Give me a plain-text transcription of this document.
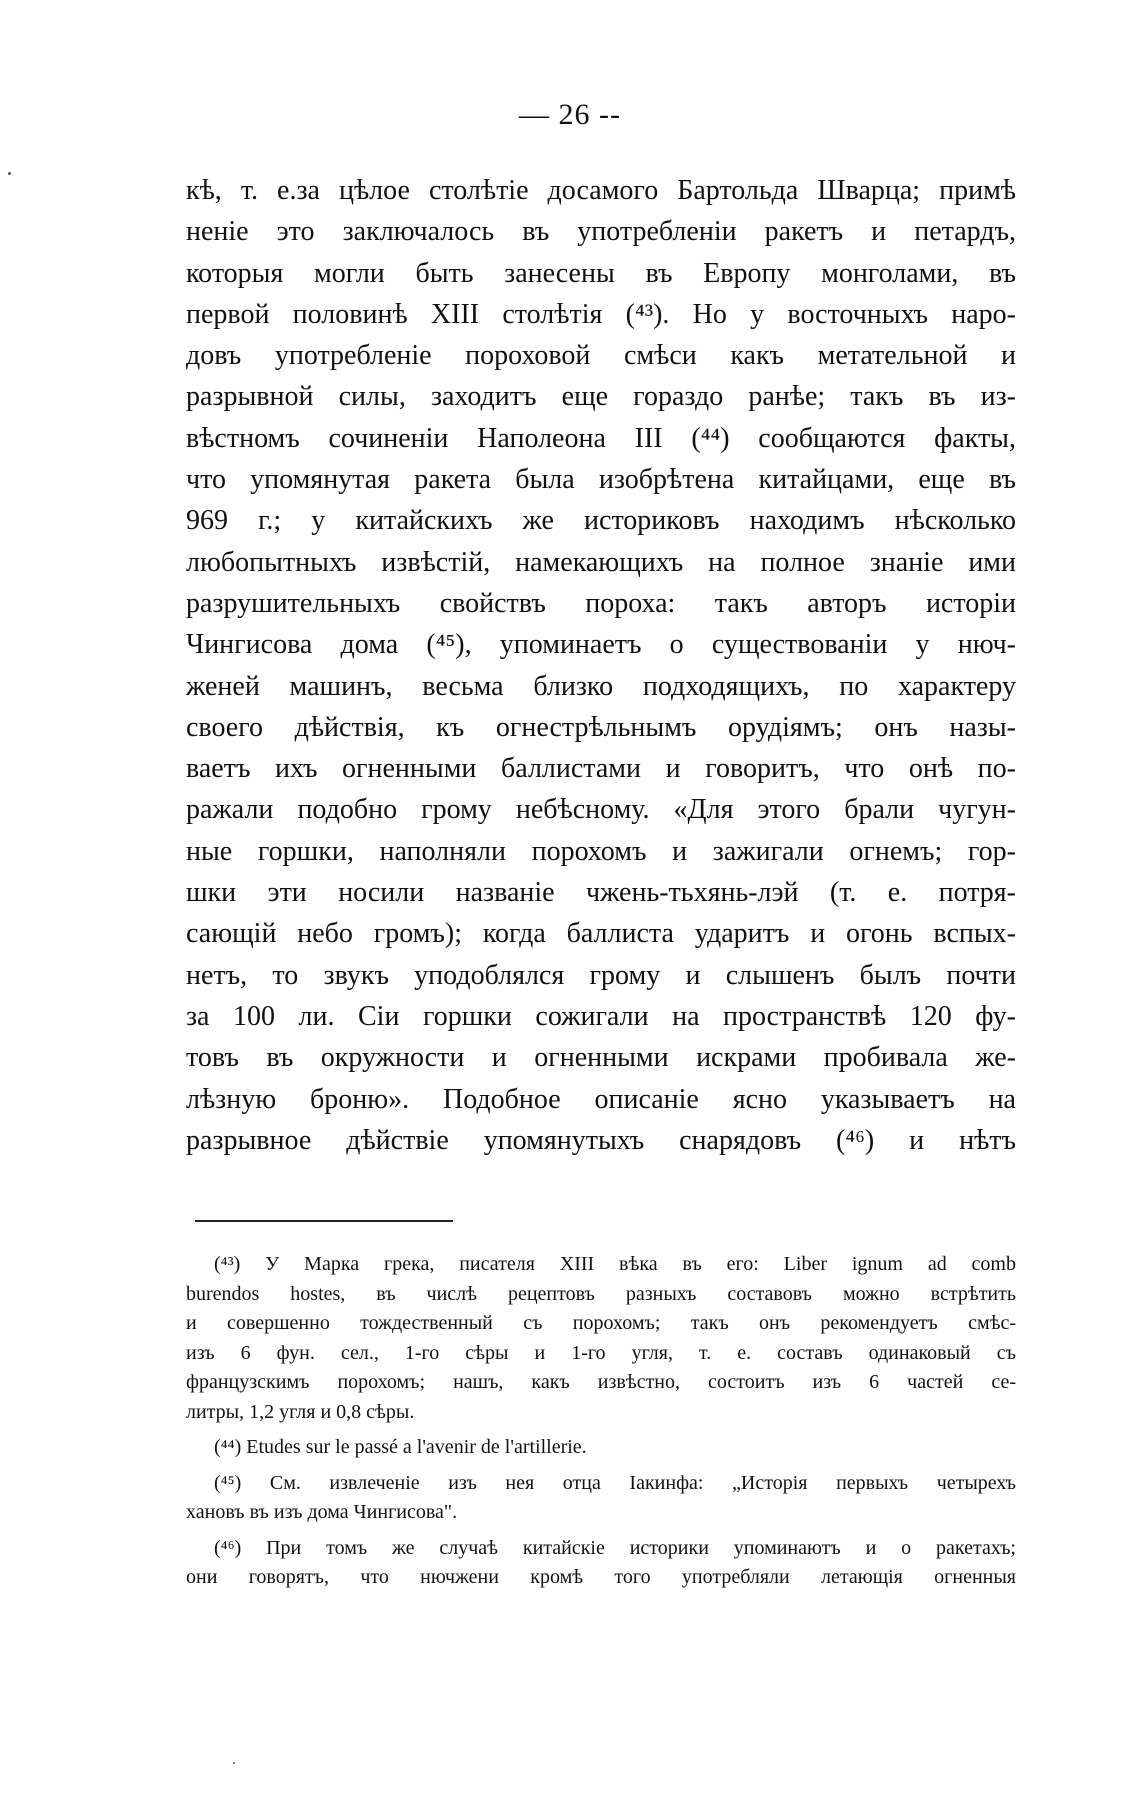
— 26 --
кѣ, т. е.за цѣлое столѣтіе досамого Бартольда Шварца; примѣ
неніе это заключалось въ употребленіи ракетъ и петардъ,
которыя могли быть занесены въ Европу монголами, въ
первой половинѣ XIII столѣтія (⁴³). Но у восточныхъ наро-
довъ употребленіе пороховой смѣси какъ метательной и
разрывной силы, заходитъ еще гораздо ранѣе; такъ въ из-
вѣстномъ сочиненіи Наполеона III (⁴⁴) сообщаются факты,
что упомянутая ракета была изобрѣтена китайцами, еще въ
969 г.; у китайскихъ же историковъ находимъ нѣсколько
любопытныхъ извѣстій, намекающихъ на полное знаніе ими
разрушительныхъ свойствъ пороха: такъ авторъ исторіи
Чингисова дома (⁴⁵), упоминаетъ о существованіи у нюч-
женей машинъ, весьма близко подходящихъ, по характеру
своего дѣйствія, къ огнестрѣльнымъ орудіямъ; онъ назы-
ваетъ ихъ огненными баллистами и говоритъ, что онѣ по-
ражали подобно грому небѣсному. «Для этого брали чугун-
ные горшки, наполняли порохомъ и зажигали огнемъ; гор-
шки эти носили названіе чжень-тьхянь-лэй (т. е. потря-
сающій небо громъ); когда баллиста ударитъ и огонь вспых-
нетъ, то звукъ уподоблялся грому и слышенъ былъ почти
за 100 ли. Сіи горшки сожигали на пространствѣ 120 фу-
товъ въ окружности и огненными искрами пробивала же-
лѣзную броню». Подобное описаніе ясно указываетъ на
разрывное дѣйствіе упомянутыхъ снарядовъ (⁴⁶) и нѣтъ
(⁴³) У Марка грека, писателя XIII вѣка въ его: Liber ignum ad comb
burendos hostes, въ числѣ рецептовъ разныхъ составовъ можно встрѣтить
и совершенно тождественный съ порохомъ; такъ онъ рекомендуетъ смѣс-
изъ 6 фун. сел., 1-го сѣры и 1-го угля, т. е. составъ одинаковый съ
французскимъ порохомъ; нашъ, какъ извѣстно, состоитъ изъ 6 частей се-
литры, 1,2 угля и 0,8 сѣры.
(⁴⁴) Etudes sur le passé a l'avenir de l'artillerie.
(⁴⁵) См. извлеченіе изъ нея отца Іакинфа: „Исторія первыхъ четырехъ
хановъ въ изъ дома Чингисова".
(⁴⁶) При томъ же случаѣ китайскіе историки упоминаютъ и о ракетахъ;
они говорятъ, что нючжени кромѣ того употребляли летающія огненныя
